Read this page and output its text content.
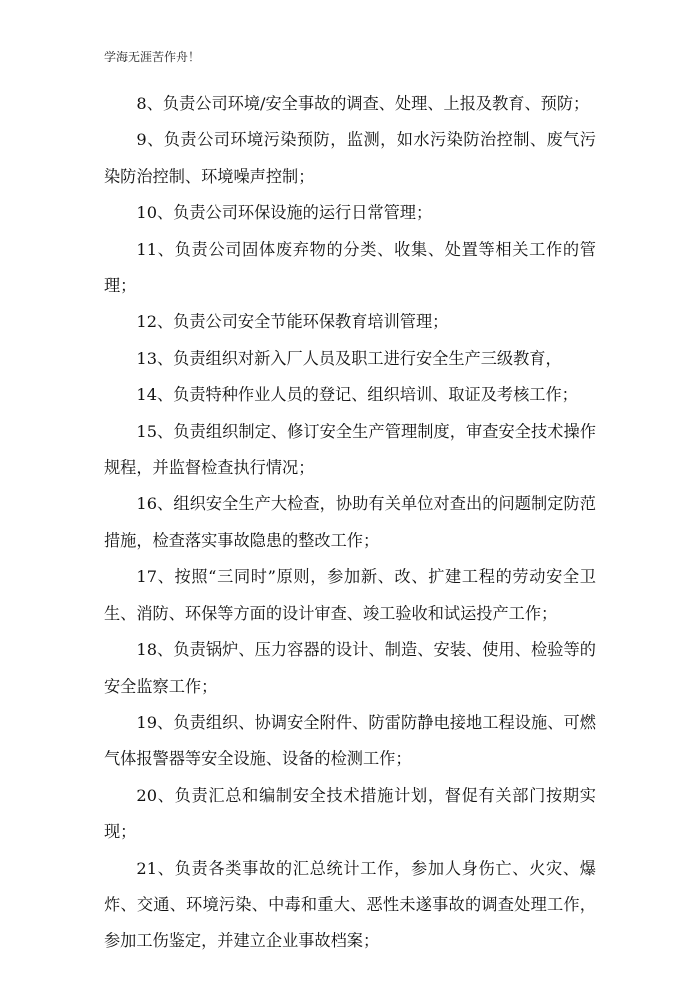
学海无涯苦作舟！

8、负责公司环境/安全事故的调查、处理、上报及教育、预防；

9、负责公司环境污染预防，监测，如水污染防治控制、废气污染防治控制、环境噪声控制；

10、负责公司环保设施的运行日常管理；

11、负责公司固体废弃物的分类、收集、处置等相关工作的管理；

12、负责公司安全节能环保教育培训管理；

13、负责组织对新入厂人员及职工进行安全生产三级教育，

14、负责特种作业人员的登记、组织培训、取证及考核工作；

15、负责组织制定、修订安全生产管理制度，审查安全技术操作规程，并监督检查执行情况；

16、组织安全生产大检查，协助有关单位对查出的问题制定防范措施，检查落实事故隐患的整改工作；

17、按照“三同时”原则，参加新、改、扩建工程的劳动安全卫生、消防、环保等方面的设计审查、竣工验收和试运投产工作；

18、负责锅炉、压力容器的设计、制造、安装、使用、检验等的安全监察工作；

19、负责组织、协调安全附件、防雷防静电接地工程设施、可燃气体报警器等安全设施、设备的检测工作；

20、负责汇总和编制安全技术措施计划，督促有关部门按期实现；

21、负责各类事故的汇总统计工作，参加人身伤亡、火灾、爆炸、交通、环境污染、中毒和重大、恶性未遂事故的调查处理工作，参加工伤鉴定，并建立企业事故档案；
